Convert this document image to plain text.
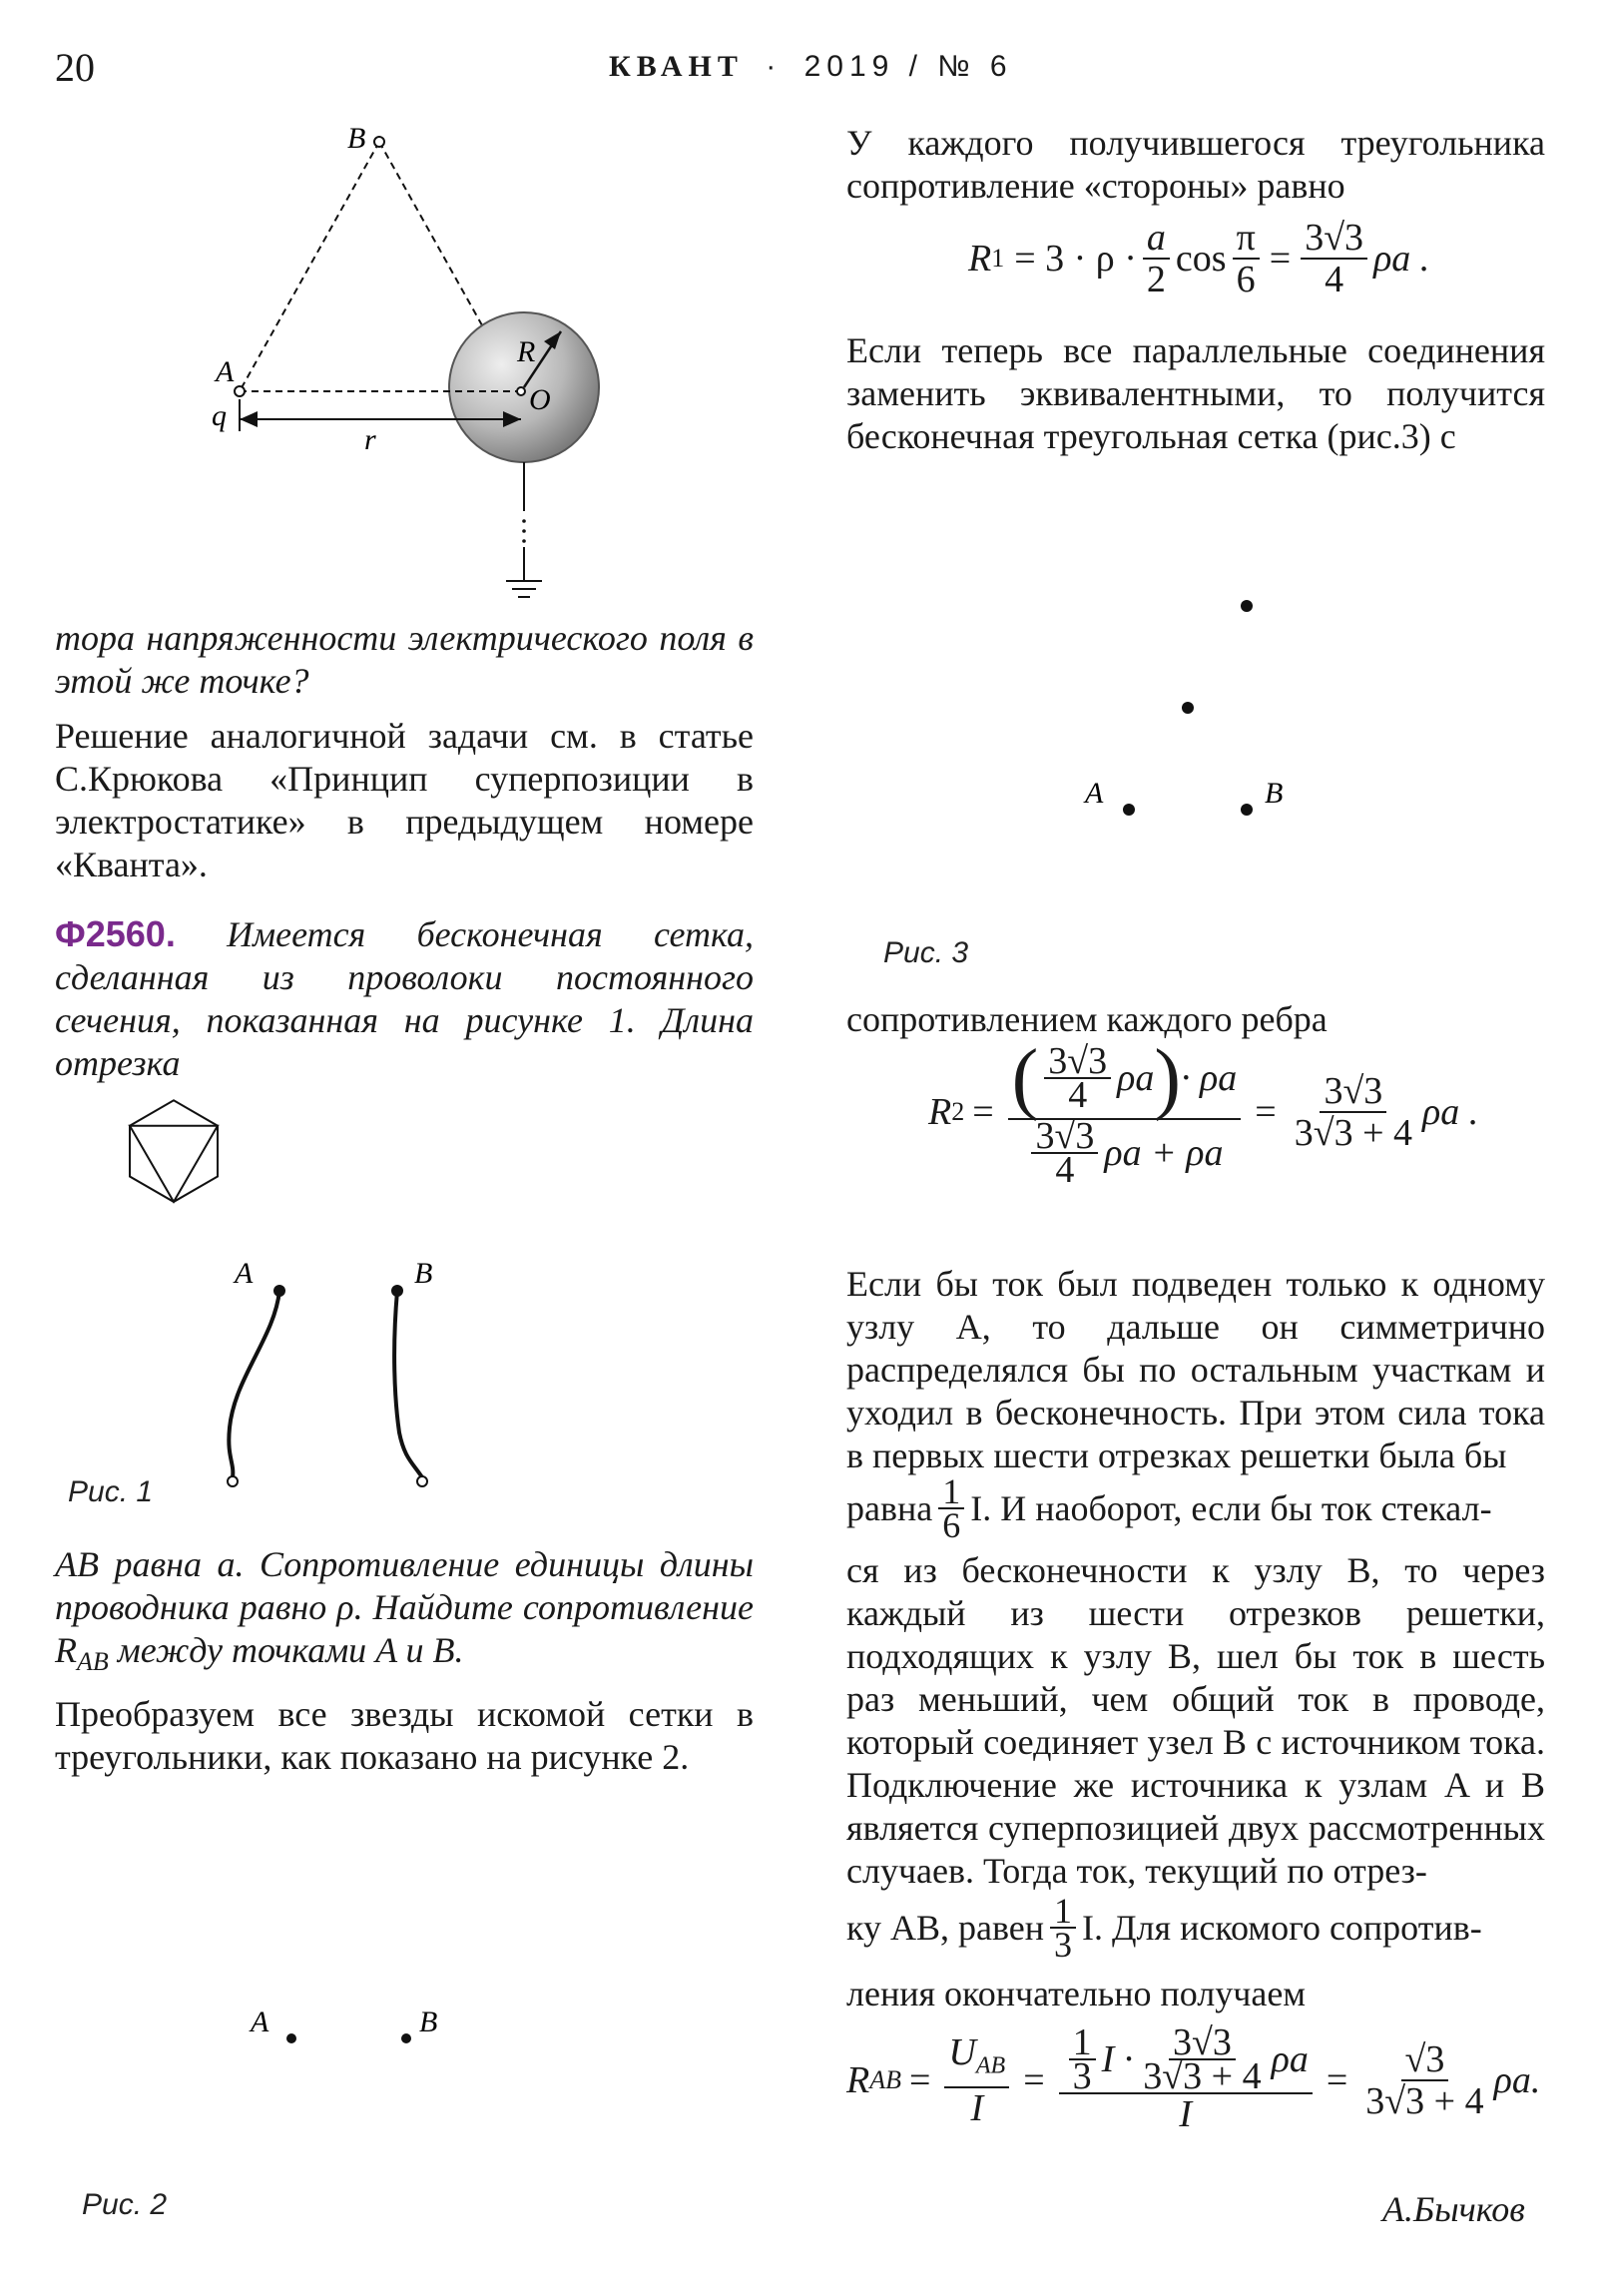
20	КВАНТ · 2019 / № 6
B
A
R
O
q
r
тора напряженности электрического поля в этой же точке?
Решение аналогичной задачи см. в статье С.Крюкова «Принцип суперпозиции в электростатике» в предыдущем номере «Кванта».
Ф2560. Имеется бесконечная сетка, сделанная из проволоки постоянного сечения, показанная на рисунке 1. Длина отрезка
A	B
Рис. 1
AB равна a. Сопротивление единицы длины проводника равно ρ. Найдите сопротивление $R_{AB}$ между точками A и B.
Преобразуем все звезды искомой сетки в треугольники, как показано на рисунке 2.
A	B
Рис. 2
У каждого получившегося треугольника сопротивление «стороны» равно
R $1 = 3 \cdot \rho \cdot \frac{a}{2}$ $\cos \frac{\pi}{6} = \frac{3√3}{4}$ ρa .
Если теперь все параллельные соединения заменить эквивалентными, то получится бесконечная треугольная сетка (рис.3) с
A	B
Рис. 3
сопротивлением каждого ребра
R $2 = \frac{( \frac{3√3}{4} \rho a ) \cdot \rho a}{\frac{3√3}{4} \rho a + \rho a} = \frac{3√3}{3√3 + 4}$ ρa .
Если бы ток был подведен только к одному узлу A, то дальше он симметрично распределялся бы по остальным участкам и уходил в бесконечность. При этом сила тока в первых шести отрезках решетки была бы
равна $\frac{1}{6} I$. И наоборот, если бы ток стекал-
ся из бесконечности к узлу B, то через каждый из шести отрезков решетки, подходящих к узлу B, шел бы ток в шесть раз меньший, чем общий ток в проводе, который соединяет узел B с источником тока. Подключение же источника к узлам A и B является суперпозицией двух рассмотренных случаев. Тогда ток, текущий по отрез-
ку AB, равен $\frac{1}{3} I$. Для искомого сопротив-
ления окончательно получаем
R AB = $\frac{U_{AB}}{I} = \frac{\frac{1}{3} I \cdot \frac{3√3}{3√3 + 4} \rho a}{I} = \frac{√3}{3√3 + 4} \rho a$.
А.Бычков
